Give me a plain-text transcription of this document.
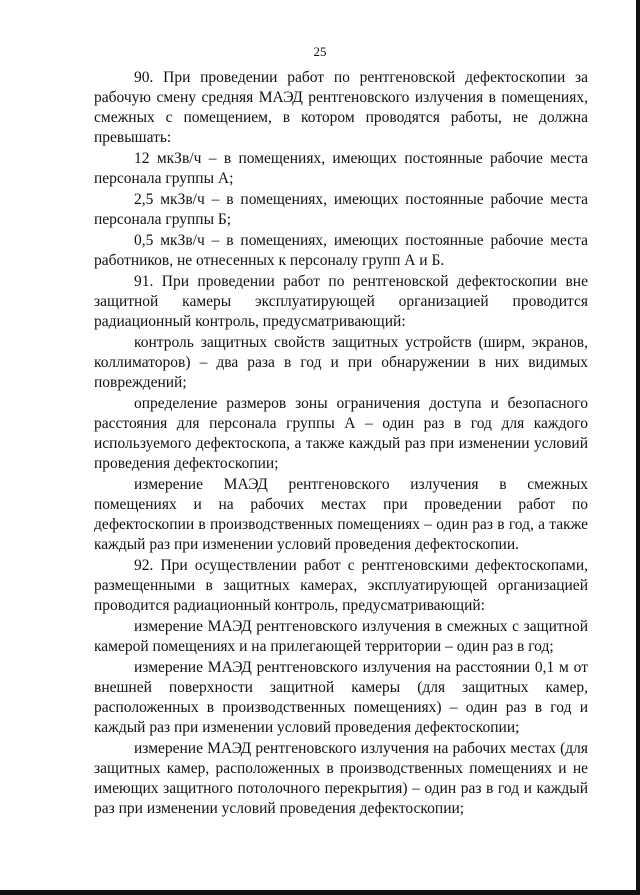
25

90. При проведении работ по рентгеновской дефектоскопии за рабочую смену средняя МАЭД рентгеновского излучения в помещениях, смежных с помещением, в котором проводятся работы, не должна превышать:

12 мкЗв/ч – в помещениях, имеющих постоянные рабочие места персонала группы А;

2,5 мкЗв/ч – в помещениях, имеющих постоянные рабочие места персонала группы Б;

0,5 мкЗв/ч – в помещениях, имеющих постоянные рабочие места работников, не отнесенных к персоналу групп А и Б.

91. При проведении работ по рентгеновской дефектоскопии вне защитной камеры эксплуатирующей организацией проводится радиационный контроль, предусматривающий:

контроль защитных свойств защитных устройств (ширм, экранов, коллиматоров) – два раза в год и при обнаружении в них видимых повреждений;

определение размеров зоны ограничения доступа и безопасного расстояния для персонала группы А – один раз в год для каждого используемого дефектоскопа, а также каждый раз при изменении условий проведения дефектоскопии;

измерение МАЭД рентгеновского излучения в смежных помещениях и на рабочих местах при проведении работ по дефектоскопии в производственных помещениях – один раз в год, а также каждый раз при изменении условий проведения дефектоскопии.

92. При осуществлении работ с рентгеновскими дефектоскопами, размещенными в защитных камерах, эксплуатирующей организацией проводится радиационный контроль, предусматривающий:

измерение МАЭД рентгеновского излучения в смежных с защитной камерой помещениях и на прилегающей территории – один раз в год;

измерение МАЭД рентгеновского излучения на расстоянии 0,1 м от внешней поверхности защитной камеры (для защитных камер, расположенных в производственных помещениях) – один раз в год и каждый раз при изменении условий проведения дефектоскопии;

измерение МАЭД рентгеновского излучения на рабочих местах (для защитных камер, расположенных в производственных помещениях и не имеющих защитного потолочного перекрытия) – один раз в год и каждый раз при изменении условий проведения дефектоскопии;
